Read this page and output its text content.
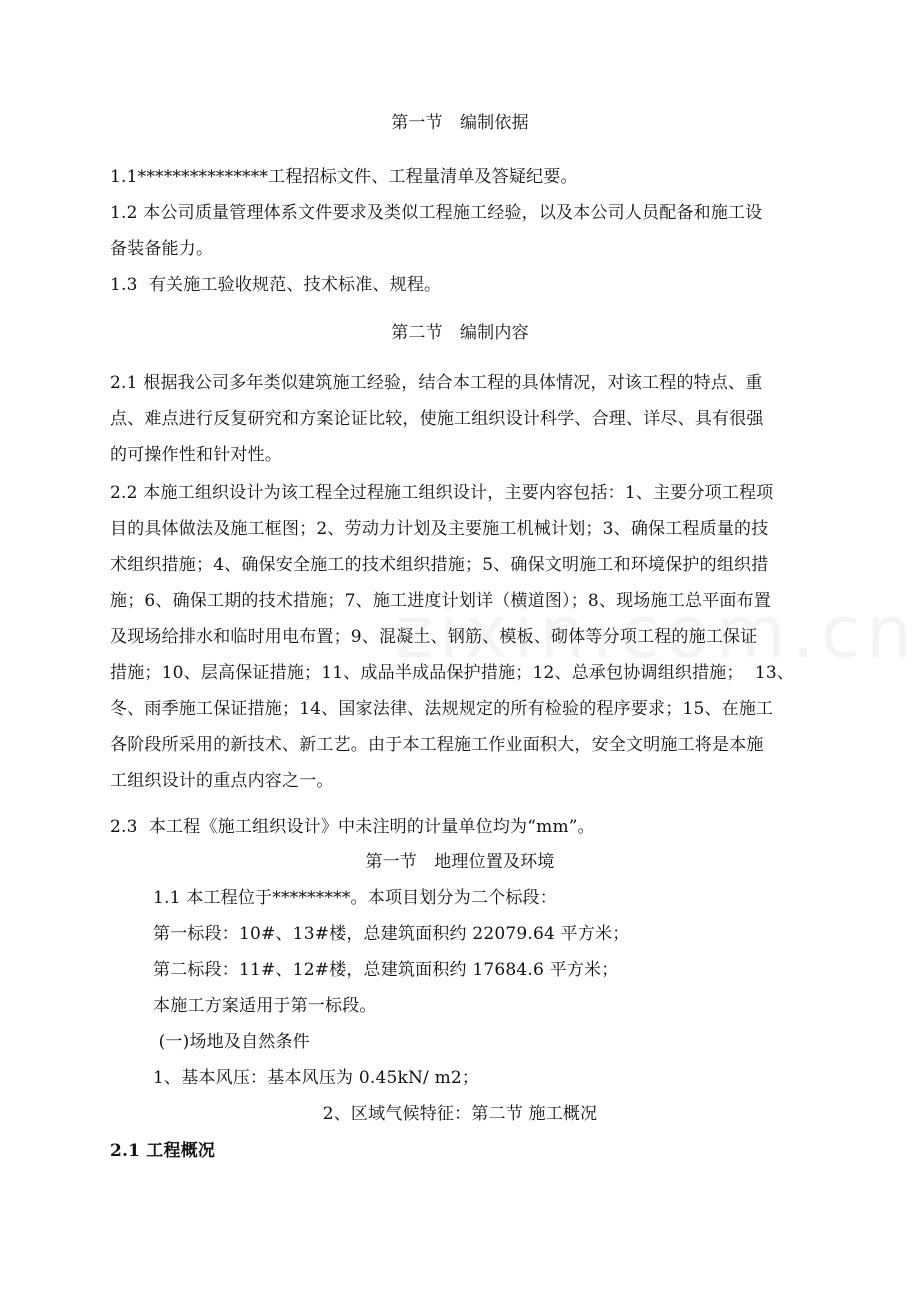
第一节　编制依据
1.1***************工程招标文件、工程量清单及答疑纪要。
1.2 本公司质量管理体系文件要求及类似工程施工经验，以及本公司人员配备和施工设
备装备能力。
1.3  有关施工验收规范、技术标准、规程。
第二节　编制内容
2.1 根据我公司多年类似建筑施工经验，结合本工程的具体情况，对该工程的特点、重
点、难点进行反复研究和方案论证比较，使施工组织设计科学、合理、详尽、具有很强
的可操作性和针对性。
2.2 本施工组织设计为该工程全过程施工组织设计，主要内容包括：1、主要分项工程项
目的具体做法及施工框图；2、劳动力计划及主要施工机械计划；3、确保工程质量的技
术组织措施；4、确保安全施工的技术组织措施；5、确保文明施工和环境保护的组织措
施；6、确保工期的技术措施；7、施工进度计划详（横道图）；8、现场施工总平面布置
及现场给排水和临时用电布置；9、混凝土、钢筋、模板、砌体等分项工程的施工保证
措施；10、层高保证措施；11、成品半成品保护措施；12、总承包协调组织措施；  13、
冬、雨季施工保证措施；14、国家法律、法规规定的所有检验的程序要求；15、在施工
各阶段所采用的新技术、新工艺。由于本工程施工作业面积大，安全文明施工将是本施
工组织设计的重点内容之一。
2.3  本工程《施工组织设计》中未注明的计量单位均为“mm”。
第一节　地理位置及环境
1.1 本工程位于*********。本项目划分为二个标段：
第一标段：10#、13#楼，总建筑面积约 22079.64 平方米；
第二标段：11#、12#楼，总建筑面积约 17684.6 平方米；
本施工方案适用于第一标段。
(一)场地及自然条件
1、基本风压：基本风压为 0.45kN/ m2；
2、区域气候特征：第二节 施工概况
2.1 工程概况
